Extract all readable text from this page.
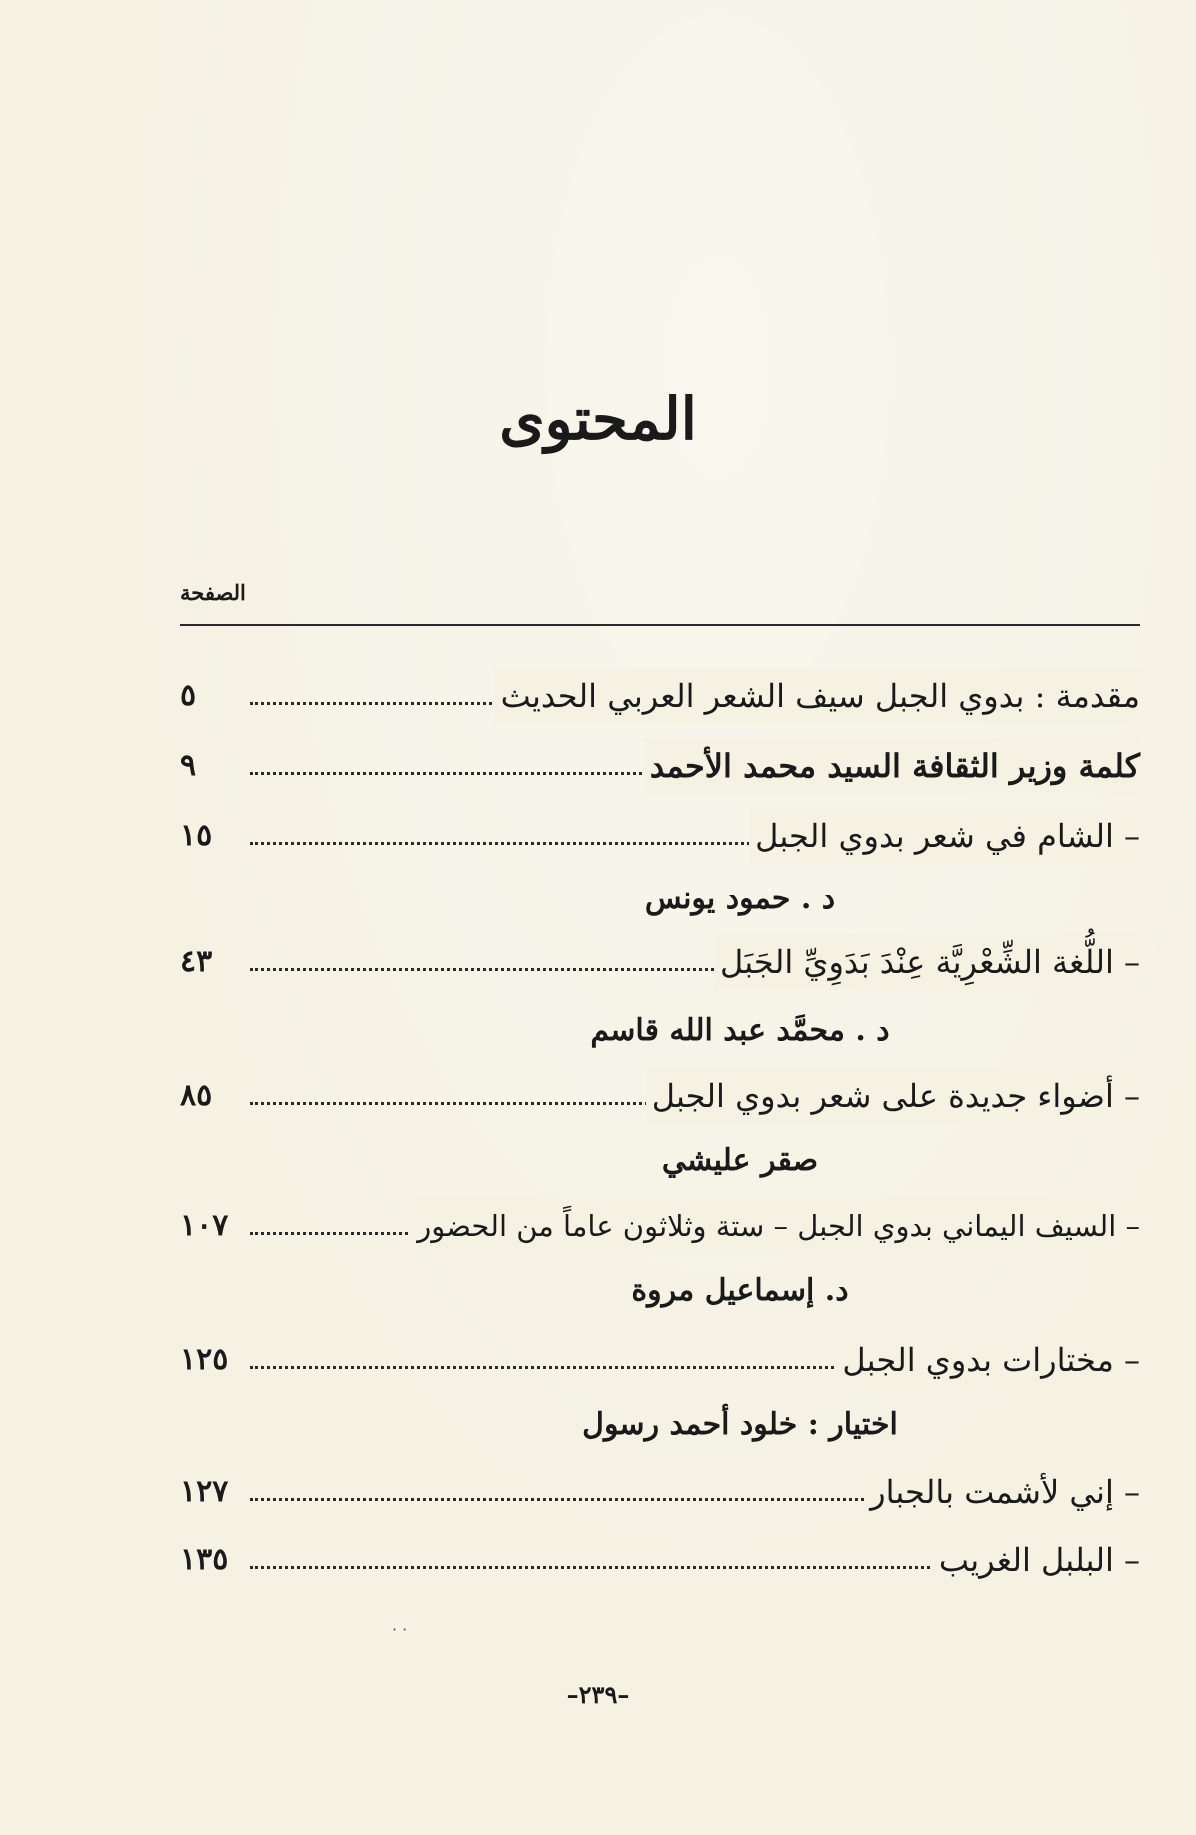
المحتوى
الصفحة
مقدمة : بدوي الجبل سيف الشعر العربي الحديث
٥
كلمة وزير الثقافة السيد محمد الأحمد
٩
– الشام في شعر بدوي الجبل
١٥
د . حمود يونس
– اللُّغة الشِّعْرِيَّة عِنْدَ بَدَوِيِّ الجَبَل
٤٣
د . محمَّد عبد الله قاسم
– أضواء جديدة على شعر بدوي الجبل
٨٥
صقر عليشي
– السيف اليماني بدوي الجبل – ستة وثلاثون عاماً من الحضور
١٠٧
د. إسماعيل مروة
– مختارات بدوي الجبل
١٢٥
اختيار : خلود أحمد رسول
– إني لأشمت بالجبار
١٢٧
– البلبل الغريب
١٣٥
· ·
–٢٣٩–
